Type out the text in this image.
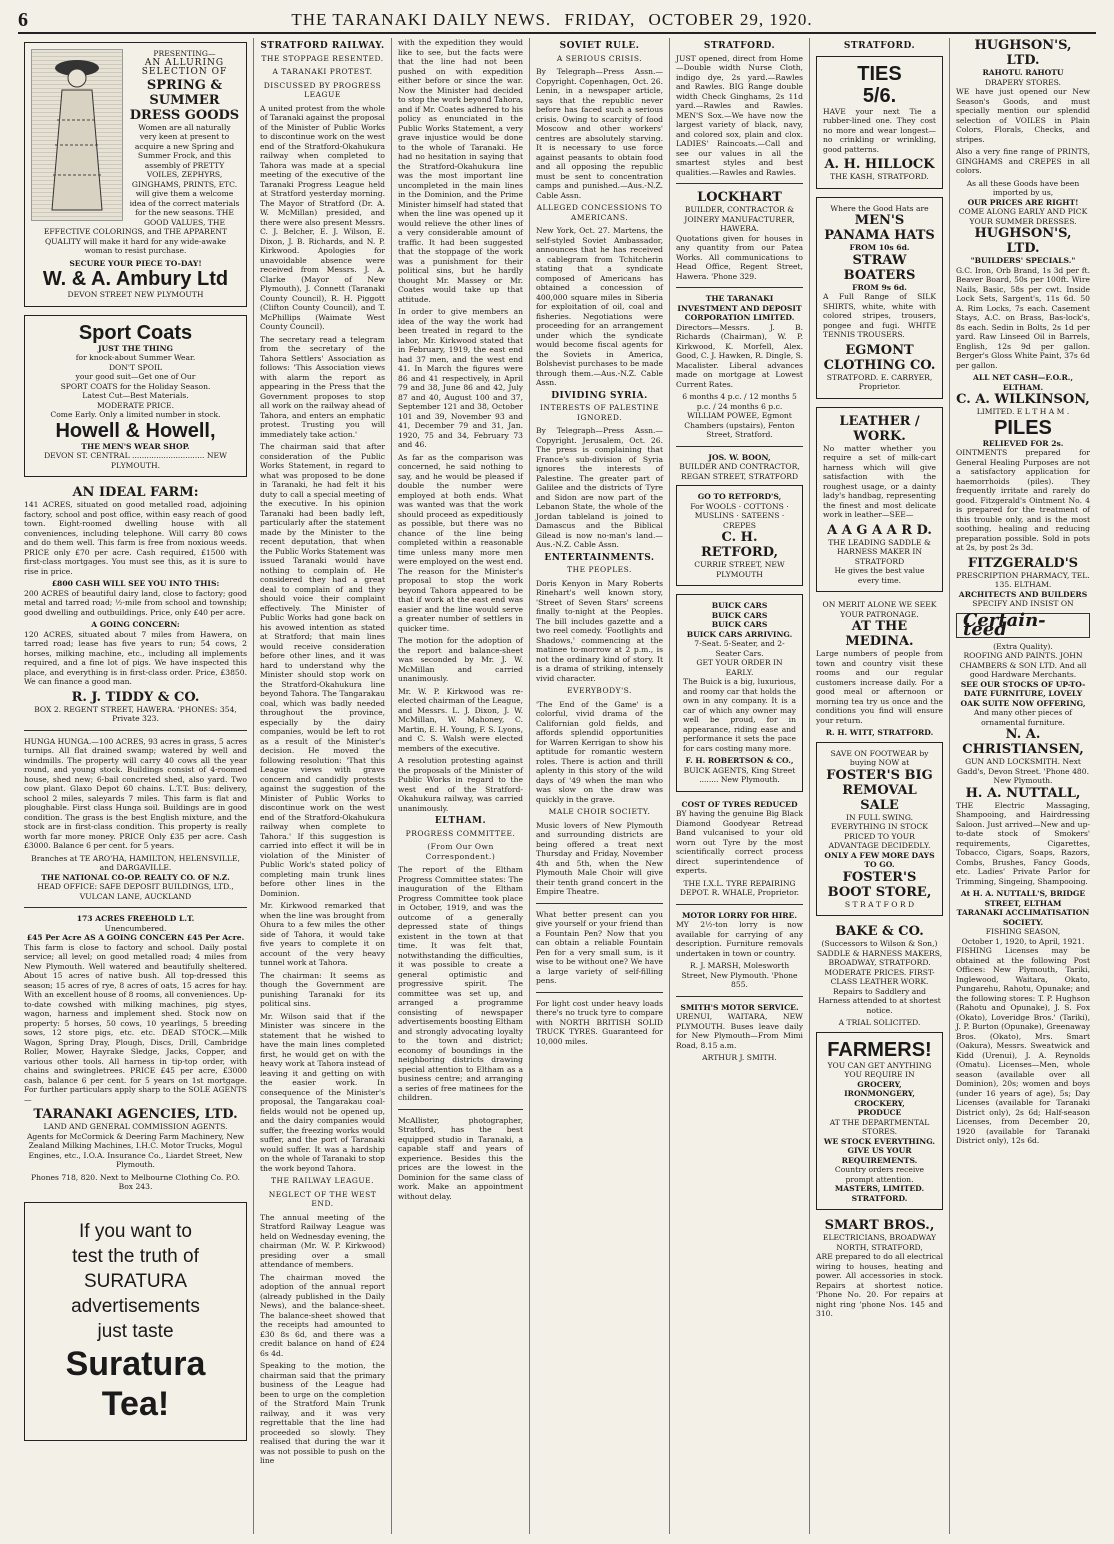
6	THE TARANAKI DAILY NEWS. FRIDAY, OCTOBER 29, 1920.
PRESENTING—
AN ALLURING SELECTION OF
SPRING & SUMMER
DRESS GOODS
Women are all naturally very keen at present to acquire a new Spring and Summer Frock, and this assembly of PRETTY VOILES, ZEPHYRS, GINGHAMS, PRINTS, ETC. will give them a welcome idea of the correct materials for the new seasons. THE GOOD VALUES, THE EFFECTIVE COLORINGS, and THE APPARENT QUALITY will make it hard for any wide-awake woman to resist purchase.
SECURE YOUR PIECE TO-DAY!
W. & A. Ambury Ltd
DEVON STREET NEW PLYMOUTH
Sport Coats
JUST THE THING
for knock-about Summer Wear.
DON'T SPOIL
your good suit—Get one of Our
SPORT COATS for the Holiday Season.
Latest Cut—Best Materials.
MODERATE PRICE.
Come Early. Only a limited number in stock.
Howell & Howell,
THE MEN'S WEAR SHOP.
DEVON ST. CENTRAL .............................. NEW PLYMOUTH.
AN IDEAL FARM:
141 ACRES, situated on good metalled road, adjoining factory, school and post office, within easy reach of good town. Eight-roomed dwelling house with all conveniences, including telephone. Will carry 80 cows and do them well. This farm is free from noxious weeds. PRICE only £70 per acre. Cash required, £1500 with first-class mortgages. You must see this, as it is sure to rise in price.
£800 CASH WILL SEE YOU INTO THIS:
200 ACRES of beautiful dairy land, close to factory; good metal and tarred road; ½-mile from school and township; good dwelling and outbuildings. Price, only £40 per acre.
A GOING CONCERN:
120 ACRES, situated about 7 miles from Hawera, on tarred road; lease has five years to run; 54 cows, 2 horses, milking machine, etc., including all implements required, and a fine lot of pigs. We have inspected this place, and everything is in first-class order. Price, £3850. We can finance a good man.
R. J. TIDDY & CO.
BOX 2. REGENT STREET, HAWERA. 'PHONES: 354, Private 323.
HUNGA HUNGA.—100 ACRES, 93 acres in grass, 5 acres turnips. All flat drained swamp; watered by well and windmills. The property will carry 40 cows all the year round, and young stock. Buildings consist of 4-roomed house, shed new; 6-bail concreted shed, also yard. Two cow plant. Glaxo Depot 60 chains. L.T.T. Bus: delivery, school 2 miles, saleyards 7 miles. This farm is flat and ploughable. First class Hunga soil. Buildings are in good condition. The grass is the best English mixture, and the stock are in first-class condition. This property is really worth far more money. PRICE Only £35 per acre. Cash £3000. Balance 6 per cent. for 5 years.
Branches at TE ARO'HA, HAMILTON, HELENSVILLE, and DARGAVILLE.
THE NATIONAL CO-OP. REALTY CO. OF N.Z.
HEAD OFFICE: SAFE DEPOSIT BUILDINGS, LTD., VULCAN LANE, AUCKLAND
173 ACRES FREEHOLD L.T.
Unencumbered.
£45 Per Acre AS A GOING CONCERN £45 Per Acre.
This farm is close to factory and school. Daily postal service; all level; on good metalled road; 4 miles from New Plymouth. Well watered and beautifully sheltered. About 15 acres of native bush. All top-dressed this season; 15 acres of rye, 8 acres of oats, 15 acres for hay. With an excellent house of 8 rooms, all conveniences. Up-to-date cowshed with milking machines, pig styes, wagon, harness and implement shed. Stock now on property: 5 horses, 50 cows, 10 yearlings, 5 breeding sows, 12 store pigs, etc. etc. DEAD STOCK.—Milk Wagon, Spring Dray, Plough, Discs, Drill, Cambridge Roller, Mower, Hayrake Sledge, Jacks, Copper, and various other tools. All harness in tip-top order, with chains and swingletrees. PRICE £45 per acre, £3000 cash, balance 6 per cent. for 5 years on 1st mortgage. For further particulars apply sharp to the SOLE AGENTS—
TARANAKI AGENCIES, LTD.
LAND AND GENERAL COMMISSION AGENTS.
Agents for McCormick & Deering Farm Machinery, New Zealand Milking Machines, I.H.C. Motor Trucks, Mogul Engines, etc., I.O.A. Insurance Co., Liardet Street, New Plymouth.
Phones 718, 820. Next to Melbourne Clothing Co. P.O. Box 243.
If you want to
test the truth of
SURATURA
advertisements
just taste
Suratura
Tea!
STRATFORD RAILWAY.
THE STOPPAGE RESENTED.
A TARANAKI PROTEST.
DISCUSSED BY PROGRESS LEAGUE
A united protest from the whole of Taranaki against the proposal of the Minister of Public Works to discontinue work on the west end of the Stratford-Okahukura railway when completed to Tahora was made at a special meeting of the executive of the Taranaki Progress League held at Stratford yesterday morning. The Mayor of Stratford (Dr. A. W. McMillan) presided, and there were also present Messrs. C. J. Belcher, E. J. Wilson, E. Dixon, J. B. Richards, and N. P. Kirkwood. Apologies for unavoidable absence were received from Messrs. J. A. Clarke (Mayor of New Plymouth), J. Connett (Taranaki County Council), R. H. Piggott (Clifton County Council), and T. McPhillips (Waimate West County Council).
The secretary read a telegram from the secretary of the Tahora Settlers' Association as follows: 'This Association views with alarm the report as appearing in the Press that the Government proposes to stop all work on the railway ahead of Tahora, and enters an emphatic protest. Trusting you will immediately take action.'
The chairman said that after consideration of the Public Works Statement, in regard to what was proposed to be done in Taranaki, he had felt it his duty to call a special meeting of the executive. In his opinion Taranaki had been badly left, particularly after the statement made by the Minister to the recent deputation, that when the Public Works Statement was issued Taranaki would have nothing to complain of. He considered they had a great deal to complain of and they should voice their complaint effectively. The Minister of Public Works had gone back on his avowed intention as stated at Stratford; that main lines would receive consideration before other lines, and it was hard to understand why the Minister should stop work on the Stratford-Okahukura line beyond Tahora. The Tangarakau coal, which was badly needed throughout the province, especially by the dairy companies, would be left to rot as a result of the Minister's decision. He moved the following resolution: 'That this League views with grave concern and candidly protests against the suggestion of the Minister of Public Works to discontinue work on the west end of the Stratford-Okahukura railway when complete to Tahora.' If this suggestion is carried into effect it will be in violation of the Minister of Public Work's stated policy of completing main trunk lines before other lines in the Dominion.
Mr. Kirkwood remarked that when the line was brought from Ohura to a few miles the other side of Tahora, it would take five years to complete it on account of the very heavy tunnel work at Tahora.
The chairman: It seems as though the Government are punishing Taranaki for its political sins.
Mr. Wilson said that if the Minister was sincere in the statement that he wished to have the main lines completed first, he would get on with the heavy work at Tahora instead of leaving it and getting on with the easier work. In consequence of the Minister's proposal, the Tangarakau coal-fields would not be opened up, and the dairy companies would suffer, the freezing works would suffer, and the port of Taranaki would suffer. It was a hardship on the whole of Taranaki to stop the work beyond Tahora.
THE RAILWAY LEAGUE.
NEGLECT OF THE WEST END.
The annual meeting of the Stratford Railway League was held on Wednesday evening, the chairman (Mr. W. P. Kirkwood) presiding over a small attendance of members.
The chairman moved the adoption of the annual report (already published in the Daily News), and the balance-sheet. The balance-sheet showed that the receipts had amounted to £30 8s 6d, and there was a credit balance on hand of £24 6s 4d.
Speaking to the motion, the chairman said that the primary business of the League had been to urge on the completion of the Stratford Main Trunk railway, and it was very regrettable that the line had proceeded so slowly. They realised that during the war it was not possible to push on the line
with the expedition they would like to see, but the facts were that the line had not been pushed on with expedition either before or since the war. Now the Minister had decided to stop the work beyond Tahora, and if Mr. Coates adhered to his policy as enunciated in the Public Works Statement, a very grave injustice would be done to the whole of Taranaki. He had no hesitation in saying that the Stratford-Okahukura line was the most important line uncompleted in the main lines in the Dominion, and the Prime Minister himself had stated that when the line was opened up it would relieve the other lines of a very considerable amount of traffic. It had been suggested that the stoppage of the work was a punishment for their political sins, but he hardly thought Mr. Massey or Mr. Coates would take up that attitude.
In order to give members an idea of the way the work had been treated in regard to the labor, Mr. Kirkwood stated that in February, 1919, the east end had 37 men, and the west end 41. In March the figures were 86 and 41 respectively, in April 79 and 38, June 86 and 42, July 87 and 40, August 100 and 37, September 121 and 38, October 101 and 39, November 93 and 41, December 79 and 31, Jan. 1920, 75 and 34, February 73 and 46.
As far as the comparison was concerned, he said nothing to say, and he would be pleased if double the number were employed at both ends. What was wanted was that the work should proceed as expeditiously as possible, but there was no chance of the line being completed within a reasonable time unless many more men were employed on the west end. The reason for the Minister's proposal to stop the work beyond Tahora appeared to be that if work at the east end was easier and the line would serve a greater number of settlers in quicker time.
The motion for the adoption of the report and balance-sheet was seconded by Mr. J. W. McMillan and carried unanimously.
Mr. W. P. Kirkwood was re-elected chairman of the League, and Messrs. L. J. Dixon, J. W. McMillan, W. Mahoney, C. Martin, E. H. Young, F. S. Lyons, and C. S. Walsh were elected members of the executive.
A resolution protesting against the proposals of the Minister of Public Works in regard to the west end of the Stratford-Okahukura railway, was carried unanimously.
ELTHAM.
PROGRESS COMMITTEE.
(From Our Own Correspondent.)
The report of the Eltham Progress Committee states: The inauguration of the Eltham Progress Committee took place in October, 1919, and was the outcome of a generally depressed state of things existent in the town at that time. It was felt that, notwithstanding the difficulties, it was possible to create a general optimistic and progressive spirit. The committee was set up, and arranged a programme consisting of newspaper advertisements boosting Eltham and strongly advocating loyalty to the town and district; economy of boundings in the neighboring districts drawing special attention to Eltham as a business centre; and arranging a series of free matinees for the children.
McAllister, photographer, Stratford, has the best equipped studio in Taranaki, a capable staff and years of experience. Besides this the prices are the lowest in the Dominion for the same class of work. Make an appointment without delay.
SOVIET RULE.
A SERIOUS CRISIS.
By Telegraph—Press Assn.—Copyright. Copenhagen, Oct. 26. Lenin, in a newspaper article, says that the republic never before has faced such a serious crisis. Owing to scarcity of food Moscow and other workers' centres are absolutely starving. It is necessary to use force against peasants to obtain food and all opposing the republic must be sent to concentration camps and punished.—Aus.-N.Z. Cable Assn.
ALLEGED CONCESSIONS TO AMERICANS.
New York, Oct. 27. Martens, the self-styled Soviet Ambassador, announces that he has received a cablegram from Tchitcherin stating that a syndicate composed of Americans has obtained a concession of 400,000 square miles in Siberia for exploitation of oil, coal and fisheries. Negotiations were proceeding for an arrangement under which the syndicate would become fiscal agents for the Soviets in America, Bolshevist purchases to be made through them.—Aus.-N.Z. Cable Assn.
DIVIDING SYRIA.
INTERESTS OF PALESTINE IGNORED.
By Telegraph—Press Assn.—Copyright. Jerusalem, Oct. 26. The press is complaining that France's sub-division of Syria ignores the interests of Palestine. The greater part of Galilee and the districts of Tyre and Sidon are now part of the Lebanon State, the whole of the Jordan tableland is joined to Damascus and the Biblical Gilead is now no-man's land.—Aus.-N.Z. Cable Assn.
ENTERTAINMENTS.
THE PEOPLES.
Doris Kenyon in Mary Roberts Rinehart's well known story, 'Street of Seven Stars' screens finally to-night at the Peoples. The bill includes gazette and a two reel comedy. 'Footlights and Shadows,' commencing at the matinee to-morrow at 2 p.m., is not the ordinary kind of story. It is a drama of striking, intensely vivid character.
EVERYBODY'S.
'The End of the Game' is a colorful, vivid drama of the Californian gold fields, and affords splendid opportunities for Warren Kerrigan to show his aptitude for romantic western roles. There is action and thrill aplenty in this story of the wild days of '49 when the man who was slow on the draw was quickly in the grave.
MALE CHOIR SOCIETY.
Music lovers of New Plymouth and surrounding districts are being offered a treat next Thursday and Friday, November 4th and 5th, when the New Plymouth Male Choir will give their tenth grand concert in the Empire Theatre.
What better present can you give yourself or your friend than a Fountain Pen? Now that you can obtain a reliable Fountain Pen for a very small sum, is it wise to be without one? We have a large variety of self-filling pens.
For light cost under heavy loads there's no truck tyre to compare with NORTH BRITISH SOLID TRUCK TYRES. Guaranteed for 10,000 miles.
STRATFORD.
JUST opened, direct from Home—Double width Nurse Cloth, indigo dye, 2s yard.—Rawles and Rawles. BIG Range double width Check Ginghams, 2s 11d yard.—Rawles and Rawles. MEN'S Sox.—We have now the largest variety of black, navy, and colored sox, plain and clox. LADIES' Raincoats.—Call and see our values in all the smartest styles and best qualities.—Rawles and Rawles.
LOCKHART
BUILDER, CONTRACTOR & JOINERY MANUFACTURER, HAWERA.
Quotations given for houses in any quantity from our Patea Works. All communications to Head Office, Regent Street, Hawera. 'Phone 329.
THE TARANAKI INVESTMENT AND DEPOSIT CORPORATION LIMITED.
Directors—Messrs. J. B. Richards (Chairman), W. P. Kirkwood, K. Morfell, Alex. Good, C. J. Hawken, R. Dingle, S. Macalister. Liberal advances made on mortgage at Lowest Current Rates.
6 months 4 p.c. / 12 months 5 p.c. / 24 months 6 p.c.
WILLIAM POWEE, Egmont Chambers (upstairs), Fenton Street, Stratford.
JOS. W. BOON,
BUILDER AND CONTRACTOR, REGAN STREET, STRATFORD
GO TO RETFORD'S,
For WOOLS · COTTONS · MUSLINS · SATEENS · CREPES
C. H. RETFORD,
CURRIE STREET, NEW PLYMOUTH
BUICK CARS
BUICK CARS
BUICK CARS
BUICK CARS ARRIVING.
7-Seat. 5-Seater, and 2-Seater Cars.
GET YOUR ORDER IN EARLY.
The Buick is a big, luxurious, and roomy car that holds the own in any company. It is a car of which any owner may well be proud, for in appearance, riding ease and performance it sets the pace for cars costing many more.
F. H. ROBERTSON & CO.,
BUICK AGENTS, King Street ........ New Plymouth.
COST OF TYRES REDUCED
BY having the genuine Big Black Diamond Goodyear Retread Band vulcanised to your old worn out Tyre by the most scientifically correct process direct superintendence of experts.
THE I.X.L. TYRE REPAIRING DEPOT. R. WHALE, Proprietor.
MOTOR LORRY FOR HIRE.
MY 2½-ton lorry is now available for carrying of any description. Furniture removals undertaken in town or country.
R. J. MARSH, Molesworth Street, New Plymouth. 'Phone 855.
SMITH'S MOTOR SERVICE.
URENUI, WAITARA, NEW PLYMOUTH. Buses leave daily for New Plymouth—From Mimi Road, 8.15 a.m.
ARTHUR J. SMITH.
STRATFORD.
TIES
5/6.
HAVE your next Tie a rubber-lined one. They cost no more and wear longest—no crinkling or wrinkling, good patterns.
A. H. HILLOCK
THE KASH, STRATFORD.
Where the Good Hats are
MEN'S PANAMA HATS
FROM 10s 6d.
STRAW BOATERS
FROM 9s 6d.
A Full Range of SILK SHIRTS, white, white with colored stripes, trousers, pongee and fugi. WHITE TENNIS TROUSERS.
EGMONT CLOTHING CO.
STRATFORD. E. CARRYER, Proprietor.
LEATHER / WORK.
No matter whether you require a set of milk-cart harness which will give satisfaction with the roughest usage, or a dainty lady's handbag, representing the finest and most delicate work in leather—SEE—
A A G A A R D.
THE LEADING SADDLE & HARNESS MAKER IN STRATFORD
He gives the best value every time.
ON MERIT ALONE WE SEEK YOUR PATRONAGE.
AT THE MEDINA.
Large numbers of people from town and country visit these rooms and our regular customers increase daily. For a good meal or afternoon or morning tea try us once and the conditions you find will ensure your return.
R. H. WITT, STRATFORD.
SAVE ON FOOTWEAR by buying NOW at
FOSTER'S BIG REMOVAL SALE
IN FULL SWING. EVERYTHING IN STOCK PRICED TO YOUR ADVANTAGE DECIDEDLY.
ONLY A FEW MORE DAYS TO GO.
FOSTER'S BOOT STORE,
S T R A T F O R D
BAKE & CO.
(Successors to Wilson & Son,) SADDLE & HARNESS MAKERS, BROADWAY, STRATFORD. MODERATE PRICES. FIRST-CLASS LEATHER WORK. Repairs to Saddlery and Harness attended to at shortest notice.
A TRIAL SOLICITED.
FARMERS!
YOU CAN GET ANYTHING YOU REQUIRE IN
GROCERY,
IRONMONGERY,
CROCKERY,
PRODUCE
AT THE DEPARTMENTAL STORES.
WE STOCK EVERYTHING. GIVE US YOUR REQUIREMENTS.
Country orders receive prompt attention.
MASTERS, LIMITED. STRATFORD.
SMART BROS.,
ELECTRICIANS, BROADWAY NORTH, STRATFORD,
ARE prepared to do all electrical wiring to houses, heating and power. All accessories in stock. Repairs at shortest notice. 'Phone No. 20. For repairs at night ring 'phone Nos. 145 and 310.
HUGHSON'S, LTD.
RAHOTU. RAHOTU
DRAPERY STORES.
WE have just opened our New Season's Goods, and must specially mention our splendid selection of VOILES in Plain Colors, Florals, Checks, and stripes.
Also a very fine range of PRINTS, GINGHAMS and CREPES in all colors.
As all these Goods have been imported by us,
OUR PRICES ARE RIGHT!
COME ALONG EARLY AND PICK YOUR SUMMER DRESSES.
HUGHSON'S, LTD.
"BUILDERS' SPECIALS."
G.C. Iron, Orb Brand, 1s 3d per ft. Beaver Board, 50s per 100ft. Wire Nails, Basic, 58s per cwt. Inside Lock Sets, Sargent's, 11s 6d. 50 A. Rim Locks, 7s each. Casement Stays, A.C. on Brass, Bas-lock's, 8s each. Sedin in Bolts, 2s 1d per yard. Raw Linseed Oil in Barrels, English, 12s 9d per gallon. Berger's Gloss White Paint, 37s 6d per gallon.
ALL NET CASH—F.O.R., ELTHAM.
C. A. WILKINSON,
LIMITED. E L T H A M .
PILES
RELIEVED FOR 2s.
OINTMENTS prepared for General Healing Purposes are not a satisfactory application for haemorrhoids (piles). They frequently irritate and rarely do good. Fitzgerald's Ointment No. 4 is prepared for the treatment of this trouble only, and is the most soothing, healing and reducing preparation possible. Sold in pots at 2s, by post 2s 3d.
FITZGERALD'S
PRESCRIPTION PHARMACY, TEL. 135. ELTHAM.
ARCHITECTS AND BUILDERS
SPECIFY AND INSIST ON
Certain-teed
(Extra Quality).
ROOFING AND PAINTS. JOHN CHAMBERS & SON LTD. And all good Hardware Merchants.
SEE OUR STOCKS OF UP-TO-DATE FURNITURE, LOVELY OAK SUITE NOW OFFERING,
And many other pieces of ornamental furniture.
N. A. CHRISTIANSEN,
GUN AND LOCKSMITH. Next Gadd's, Devon Street. 'Phone 480. New Plymouth.
H. A. NUTTALL,
THE Electric Massaging, Shampooing, and Hairdressing Saloon. Just arrived—New and up-to-date stock of Smokers' requirements, Cigarettes, Tobacco, Cigars, Soaps, Razors, Combs, Brushes, Fancy Goods, etc. Ladies' Private Parlor for Trimming, Singeing, Shampooing.
At H. A. NUTTALL'S, BRIDGE STREET, ELTHAM
TARANAKI ACCLIMATISATION SOCIETY.
FISHING SEASON,
October 1, 1920, to April, 1921.
FISHING Licenses may be obtained at the following Post Offices: New Plymouth, Tariki, Inglewood, Waitara, Okato, Pungarehu, Rahotu, Opunake; and the following stores: T. P. Hughson (Rahotu and Opunake), J. S. Fox (Okato), Loveridge Bros.' (Tariki), J. P. Burton (Opunake), Greenaway Bros. (Okato), Mrs. Smart (Oakura), Messrs. Sweatwick and Kidd (Urenui), J. A. Reynolds (Omatu). Licenses—Men, whole season (available over all Dominion), 20s; women and boys (under 16 years of age), 5s; Day Licenses (available for Taranaki District only), 2s 6d; Half-season Licenses, from December 20, 1920 (available for Taranaki District only), 12s 6d.
